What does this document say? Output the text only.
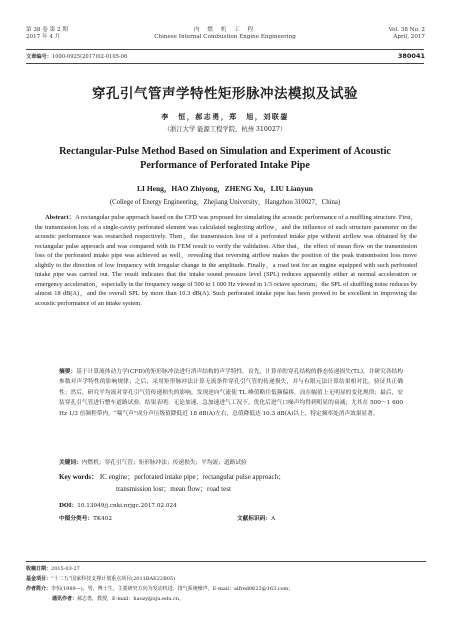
第 38 卷 第 2 期
2017 年 4 月
内 燃 机 工 程
Chinese Internal Combustion Engine Engineering
Vol. 38 No. 2
April, 2017
文章编号：1000-0925(2017)02-0105-06	380041
穿孔引气管声学特性矩形脉冲法模拟及试验
李　恒，郝志勇，郑　旭，刘联鋆
（浙江大学 能源工程学院，杭州 310027）
Rectangular-Pulse Method Based on Simulation and Experiment of Acoustic
Performance of Perforated Intake Pipe
LI Heng，HAO Zhiyong，ZHENG Xu，LIU Lianyun
(College of Energy Engineering，Zhejiang University，Hangzhou 310027，China)
Abstract：A rectangular pulse approach based on the CFD was proposed for simulating the acoustic performance of a muffling structure. First，the transmission loss of a single-cavity perforated element was calculated neglecting airflow，and the influence of each structure parameter on the acoustic performance was researched respectively. Then，the transmission loss of a perforated intake pipe without airflow was obtained by the rectangular pulse approach and was compared with its FEM result to verify the validation. After that，the effect of mean flow on the transmission loss of the perforated intake pipe was achieved as well，revealing that reversing airflow makes the position of the peak transmission loss move slightly to the direction of low frequency with irregular change in the amplitude. Finally，a road test for an engine equipped with such perforated intake pipe was carried out. The result indicates that the intake sound pressure level (SPL) reduces apparently either at normal acceleration or emergency acceleration，especially in the frequency range of 500 to 1 600 Hz viewed in 1/3 octave spectrum；the SPL of shuffling noise reduces by almost 18 dB(A)，and the overall SPL by more than 10.3 dB(A). Such perforated intake pipe has been proved to be excellent in improving the acoustic performance of an intake system.
摘要：基于计算流体动力学(CFD)的矩形脉冲法进行消声结构的声学特性。首先，计算单腔穿孔结构的静态传递损失(TL)，并研究各结构参数对声学特性的影响规律；之后，采用矩形脉冲法计算无流条件穿孔引气管的传递损失，并与有限元法计算结果相对比，验证其正确性；然后，研究平均流对穿孔引气管传递损失的影响，发现逆向气流使 TL 峰值略往低频偏移，而在幅值上无明显的变化规律；最后，安装穿孔引气管进行整车道路试验。结果表明：无论加速、急加速进气工况下，优化后进气口噪声均得到明显的衰减；尤其在 500～1 600 Hz 1/3 倍频程带内，“喘气声”成分声压级值降低近 18 dB(A)左右，总值降低达 10.3 dB(A)以上，特定频率处消声效果显著。
关键词：内燃机；穿孔引气管；矩形脉冲法；传递损失；平均流；道路试验
Key words： IC engine；perforated intake pipe；rectangular pulse approach；
transmission lost；mean flow；road test
DOI：10.13949/j.cnki.nrjgc.2017.02.024
中图分类号：TK402	文献标识码：A
收稿日期：2015-03-27
基金项目：“十二五”国家科技支撑计划重点项目(2011BAE22B05)
作者简介：李恒(1989—)，男，博士生，主要研究方向为发动机进、排气系统噪声，E-mail：alfred0622@163.com；
通讯作者：郝志勇，教授，E-mail：haozy@zju.edu.cn。
